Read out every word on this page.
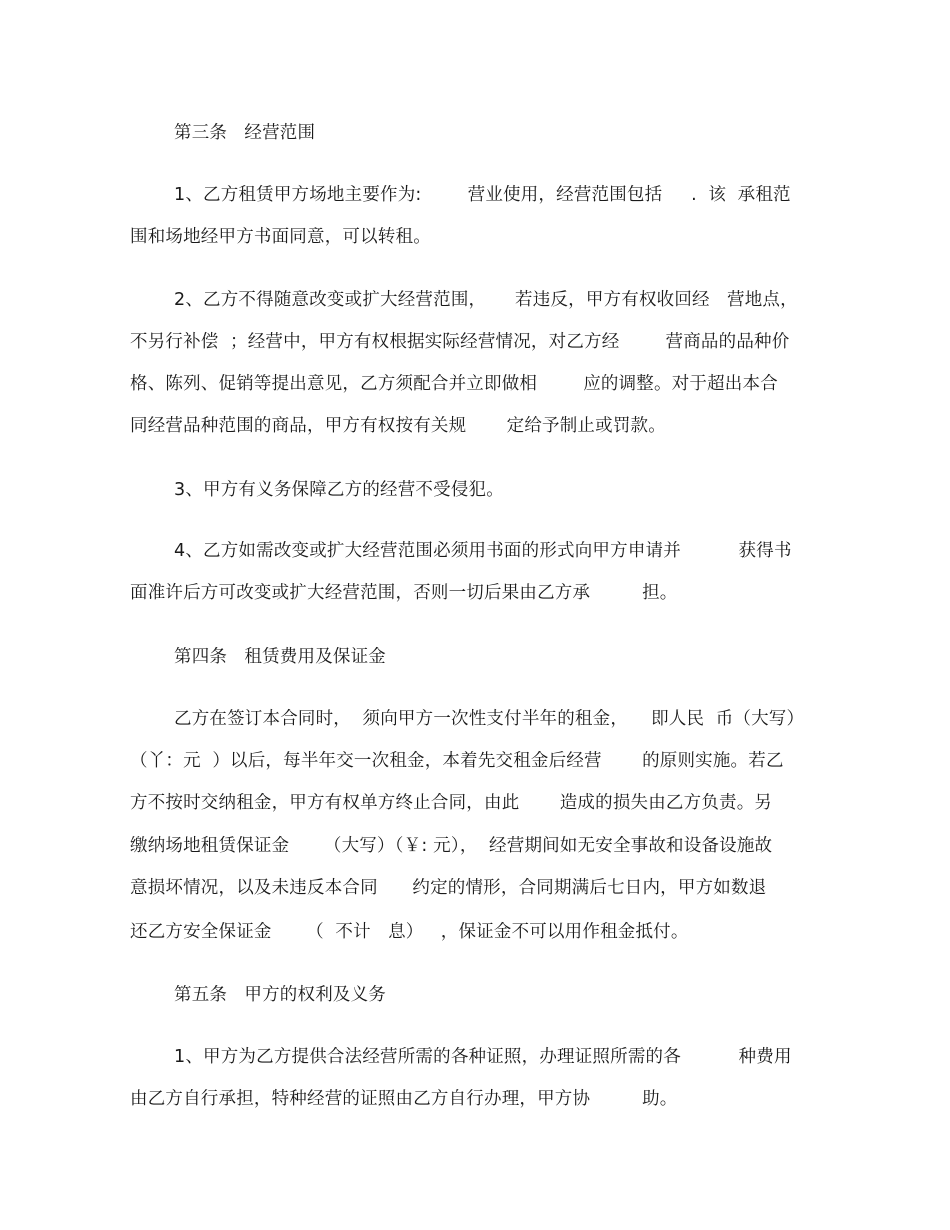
第三条   经营范围
1、乙方租赁甲方场地主要作为:        营业使用，经营范围包括     .  该  承租范
围和场地经甲方书面同意，可以转租。
2、乙方不得随意改变或扩大经营范围，     若违反，甲方有权收回经   营地点，
不另行补偿  ；经营中，甲方有权根据实际经营情况，对乙方经        营商品的品种价
格、陈列、促销等提出意见，乙方须配合并立即做相        应的调整。对于超出本合
同经营品种范围的商品，甲方有权按有关规       定给予制止或罚款。
3、甲方有义务保障乙方的经营不受侵犯。
4、乙方如需改变或扩大经营范围必须用书面的形式向甲方申请并          获得书
面准许后方可改变或扩大经营范围，否则一切后果由乙方承         担。
第四条   租赁费用及保证金
乙方在签订本合同时，  须向甲方一次性支付半年的租金，    即人民  币（大写）
（丫：元  ）以后，每半年交一次租金，本着先交租金后经营       的原则实施。若乙
方不按时交纳租金，甲方有权单方终止合同，由此       造成的损失由乙方负责。另
缴纳场地租赁保证金      （大写）（￥: 元），  经营期间如无安全事故和设备设施故
意损坏情况，以及未违反本合同      约定的情形，合同期满后七日内，甲方如数退
还乙方安全保证金      （  不计   息）   ，保证金不可以用作租金抵付。
第五条   甲方的权利及义务
1、甲方为乙方提供合法经营所需的各种证照，办理证照所需的各          种费用
由乙方自行承担，特种经营的证照由乙方自行办理，甲方协         助。
